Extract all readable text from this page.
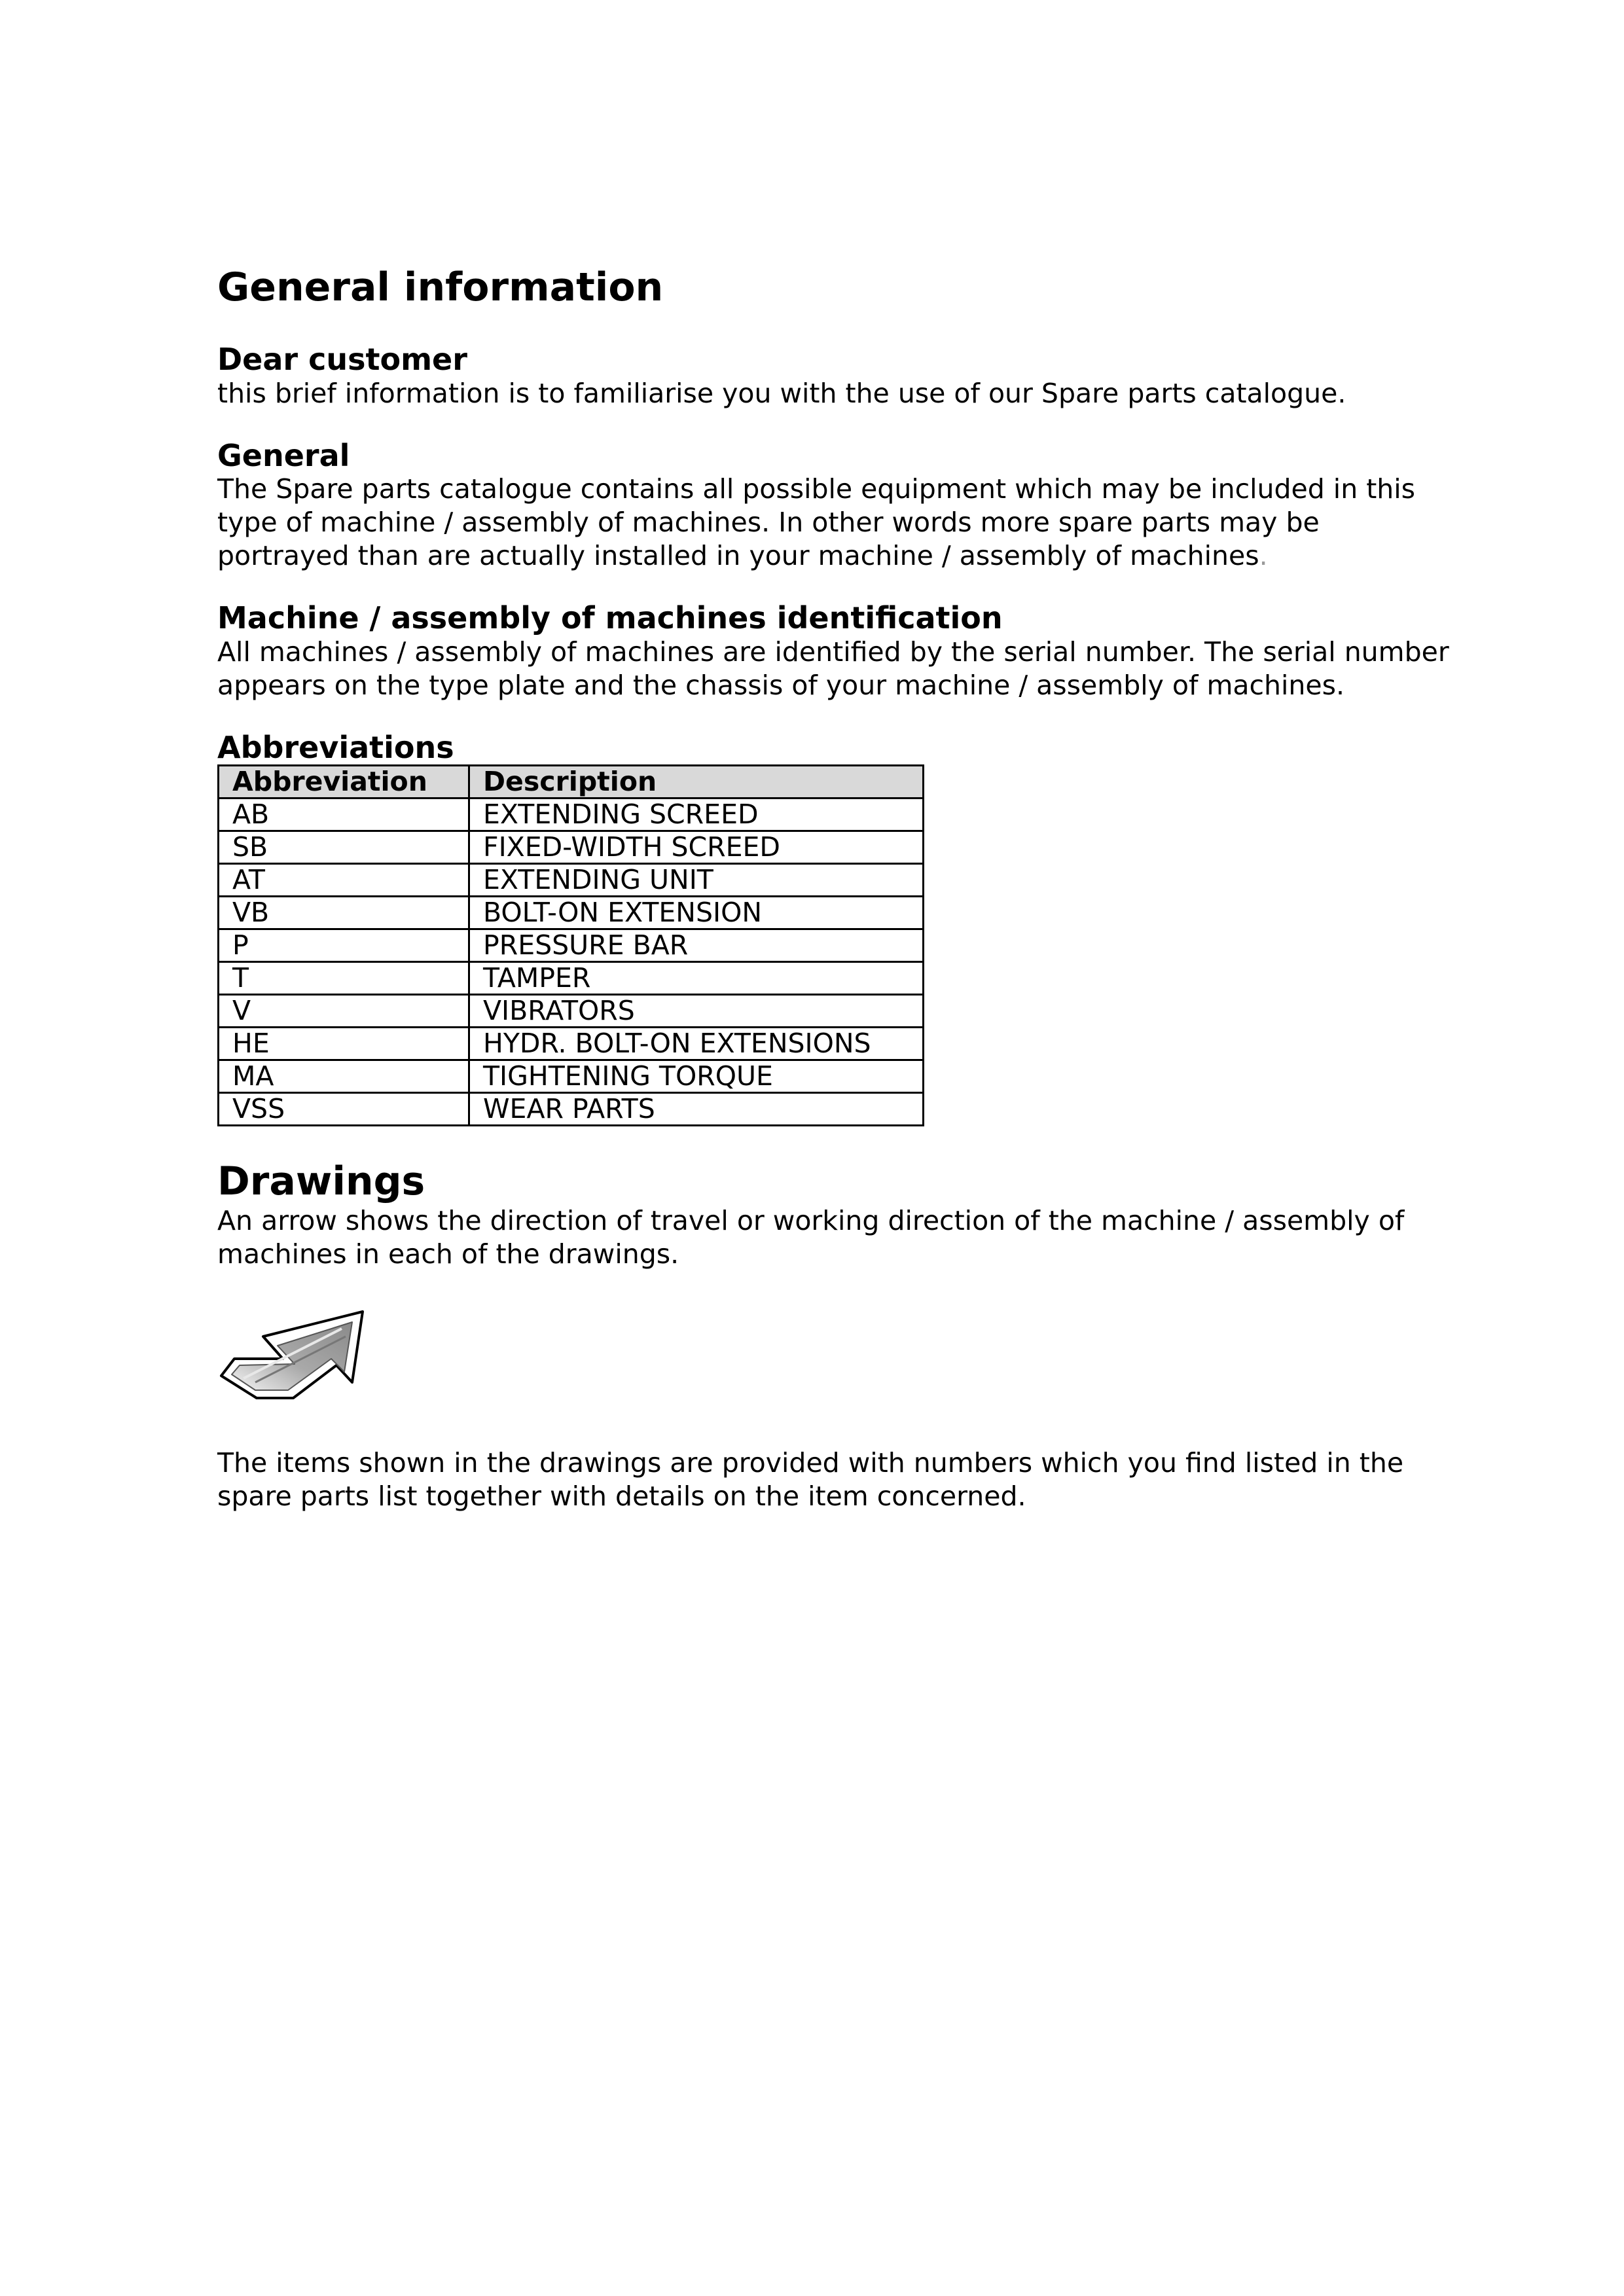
General information
Dear customer

this brief information is to familiarise you with the use of our Spare parts catalogue.

General

The Spare parts catalogue contains all possible equipment which may be included in this type of machine / assembly of machines. In other words more spare parts may be portrayed than are actually installed in your machine / assembly of machines.

Machine / assembly of machines identification

All machines / assembly of machines are identified by the serial number. The serial number appears on the type plate and the chassis of your machine / assembly of machines.

Abbreviations
Abbreviation	Description
AB	EXTENDING SCREED
SB	FIXED-WIDTH SCREED
AT	EXTENDING UNIT
VB	BOLT-ON EXTENSION
P	PRESSURE BAR
T	TAMPER
V	VIBRATORS
HE	HYDR. BOLT-ON EXTENSIONS
MA	TIGHTENING TORQUE
VSS	WEAR PARTS
Drawings

An arrow shows the direction of travel or working direction of the machine / assembly of machines in each of the drawings.

The items shown in the drawings are provided with numbers which you find listed in the spare parts list together with details on the item concerned.
